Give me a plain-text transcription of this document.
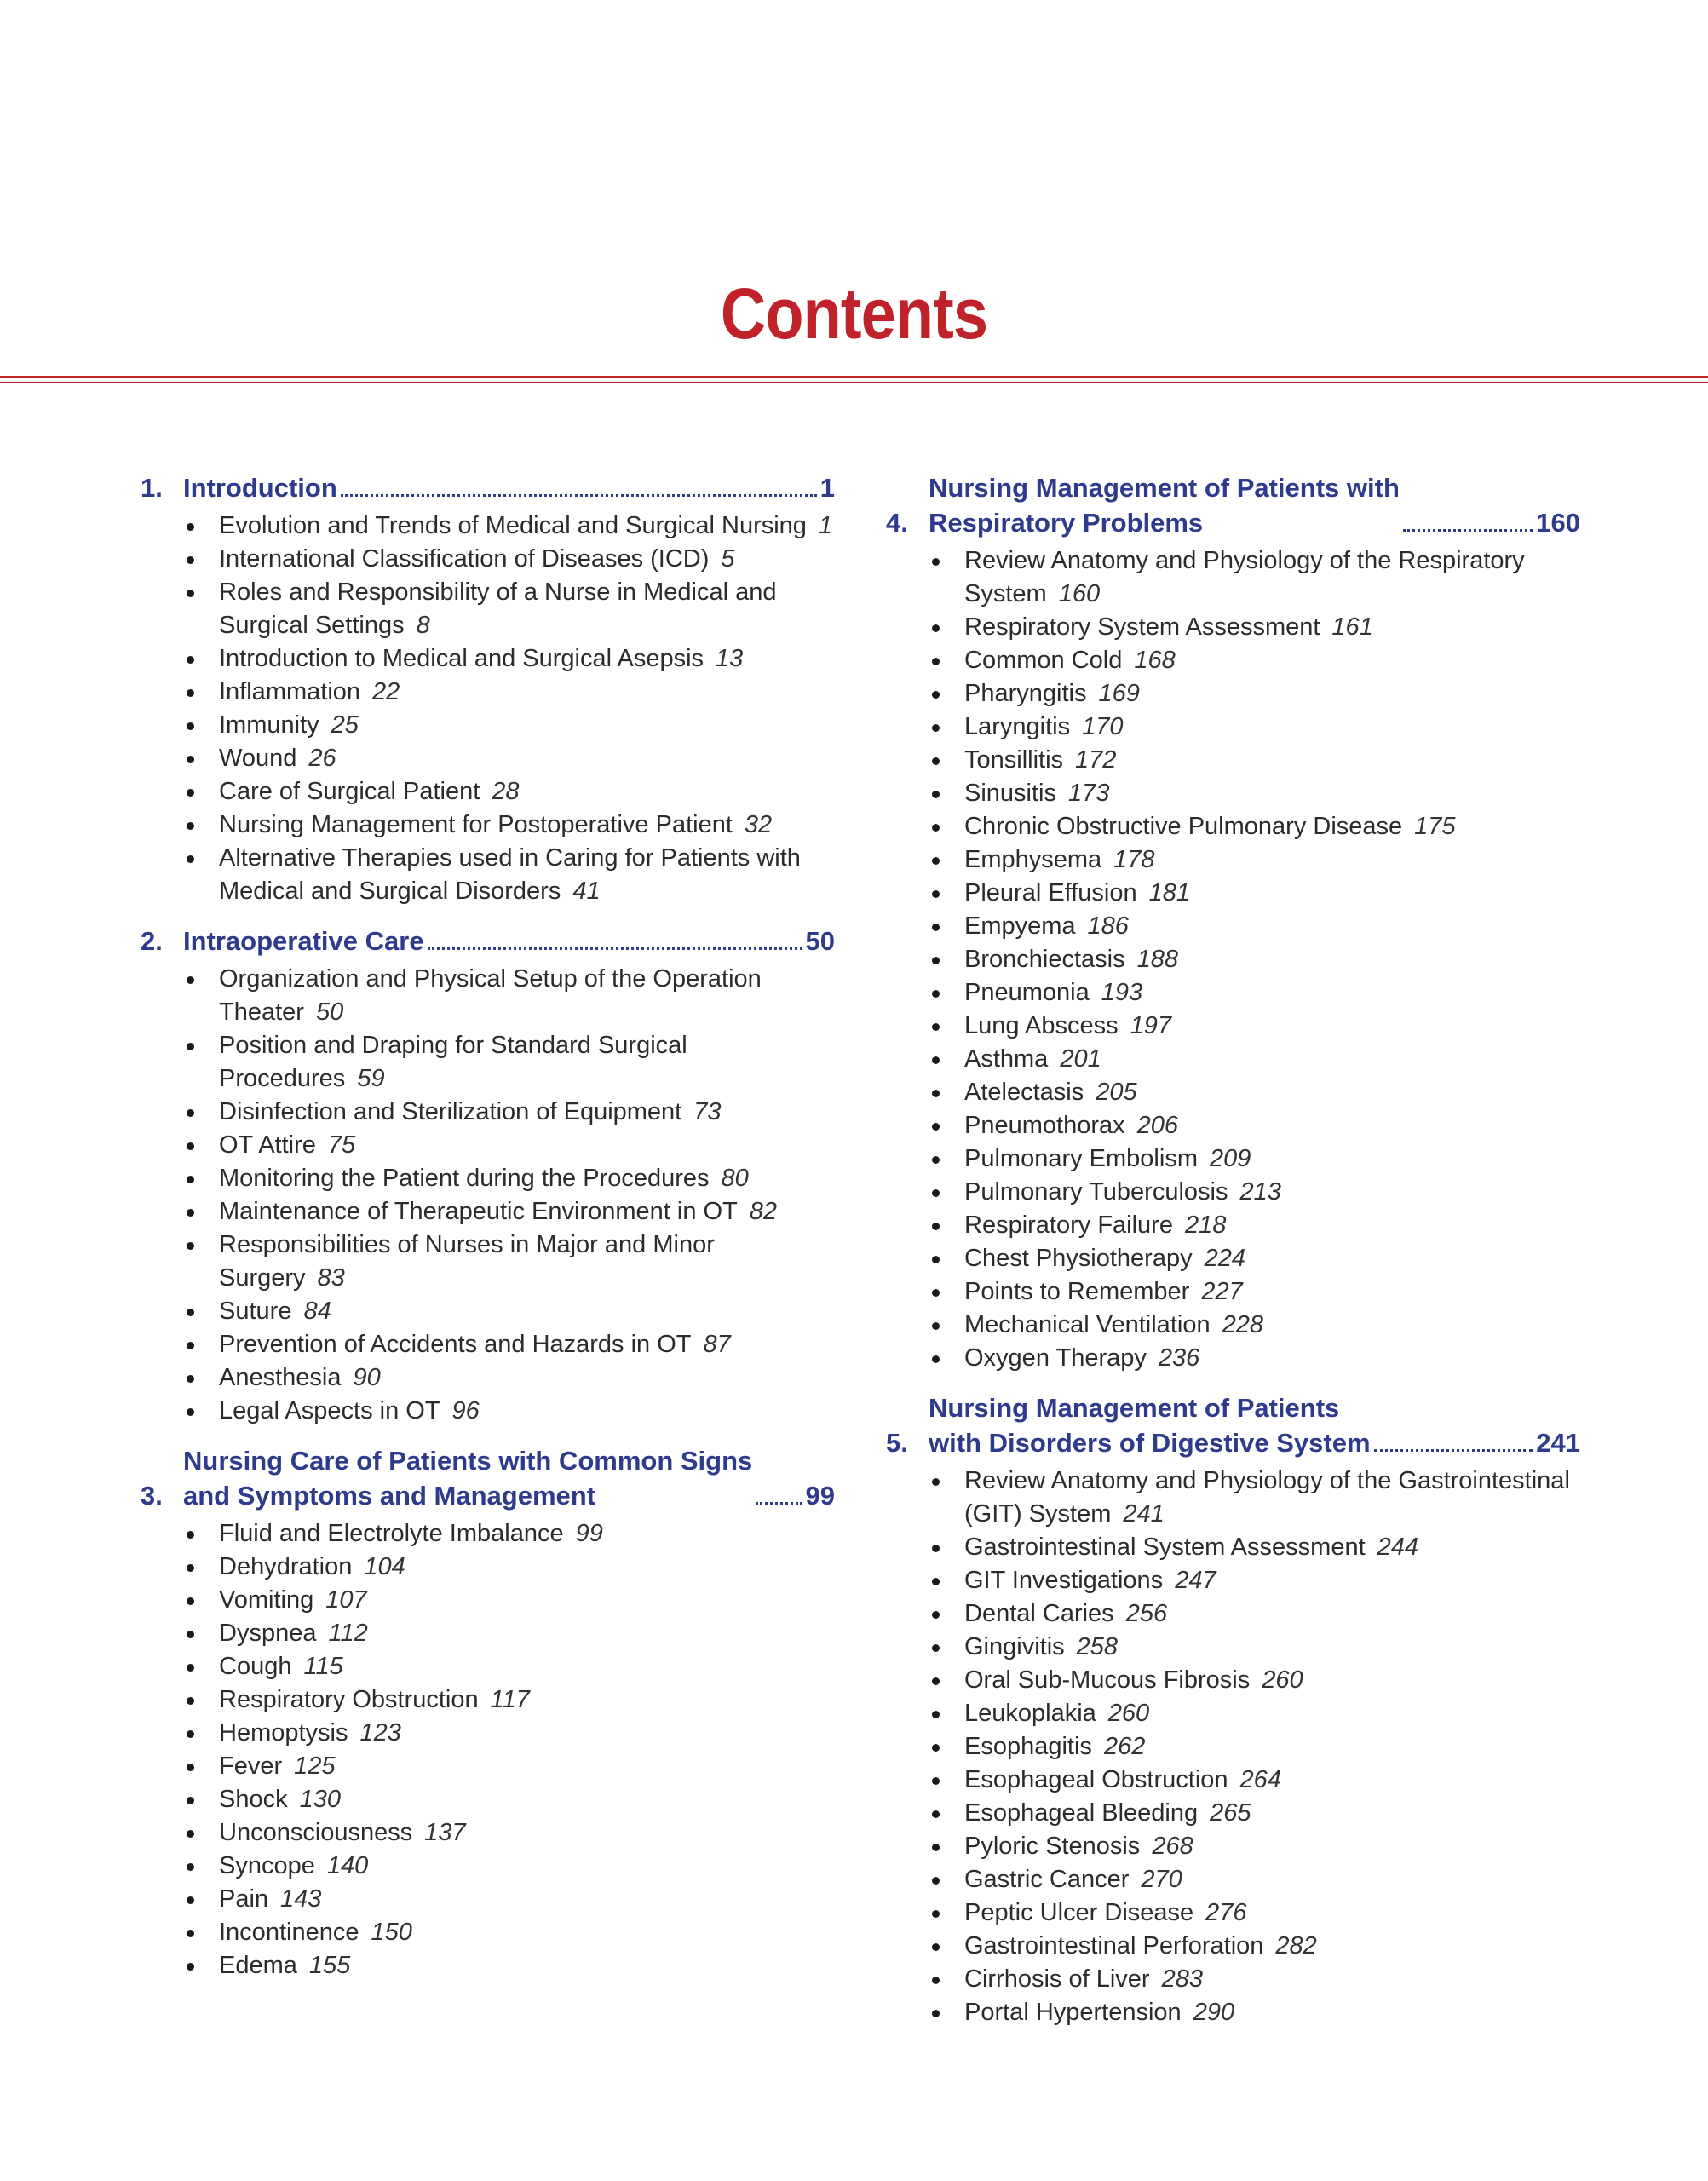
Contents
1. Introduction	1
Evolution and Trends of Medical and Surgical Nursing 1
International Classification of Diseases (ICD) 5
Roles and Responsibility of a Nurse in Medical and Surgical Settings 8
Introduction to Medical and Surgical Asepsis 13
Inflammation 22
Immunity 25
Wound 26
Care of Surgical Patient 28
Nursing Management for Postoperative Patient 32
Alternative Therapies used in Caring for Patients with Medical and Surgical Disorders 41
2. Intraoperative Care	50
Organization and Physical Setup of the Operation Theater 50
Position and Draping for Standard Surgical Procedures 59
Disinfection and Sterilization of Equipment 73
OT Attire 75
Monitoring the Patient during the Procedures 80
Maintenance of Therapeutic Environment in OT 82
Responsibilities of Nurses in Major and Minor Surgery 83
Suture 84
Prevention of Accidents and Hazards in OT 87
Anesthesia 90
Legal Aspects in OT 96
3.
Nursing Care of Patients with Common Signs
and Symptoms and Management	99
Fluid and Electrolyte Imbalance 99
Dehydration 104
Vomiting 107
Dyspnea 112
Cough 115
Respiratory Obstruction 117
Hemoptysis 123
Fever 125
Shock 130
Unconsciousness 137
Syncope 140
Pain 143
Incontinence 150
Edema 155
4.
Nursing Management of Patients with
Respiratory Problems	160
Review Anatomy and Physiology of the Respiratory System 160
Respiratory System Assessment 161
Common Cold 168
Pharyngitis 169
Laryngitis 170
Tonsillitis 172
Sinusitis 173
Chronic Obstructive Pulmonary Disease 175
Emphysema 178
Pleural Effusion 181
Empyema 186
Bronchiectasis 188
Pneumonia 193
Lung Abscess 197
Asthma 201
Atelectasis 205
Pneumothorax 206
Pulmonary Embolism 209
Pulmonary Tuberculosis 213
Respiratory Failure 218
Chest Physiotherapy 224
Points to Remember 227
Mechanical Ventilation 228
Oxygen Therapy 236
5.
Nursing Management of Patients
with Disorders of Digestive System	241
Review Anatomy and Physiology of the Gastrointestinal (GIT) System 241
Gastrointestinal System Assessment 244
GIT Investigations 247
Dental Caries 256
Gingivitis 258
Oral Sub-Mucous Fibrosis 260
Leukoplakia 260
Esophagitis 262
Esophageal Obstruction 264
Esophageal Bleeding 265
Pyloric Stenosis 268
Gastric Cancer 270
Peptic Ulcer Disease 276
Gastrointestinal Perforation 282
Cirrhosis of Liver 283
Portal Hypertension 290
